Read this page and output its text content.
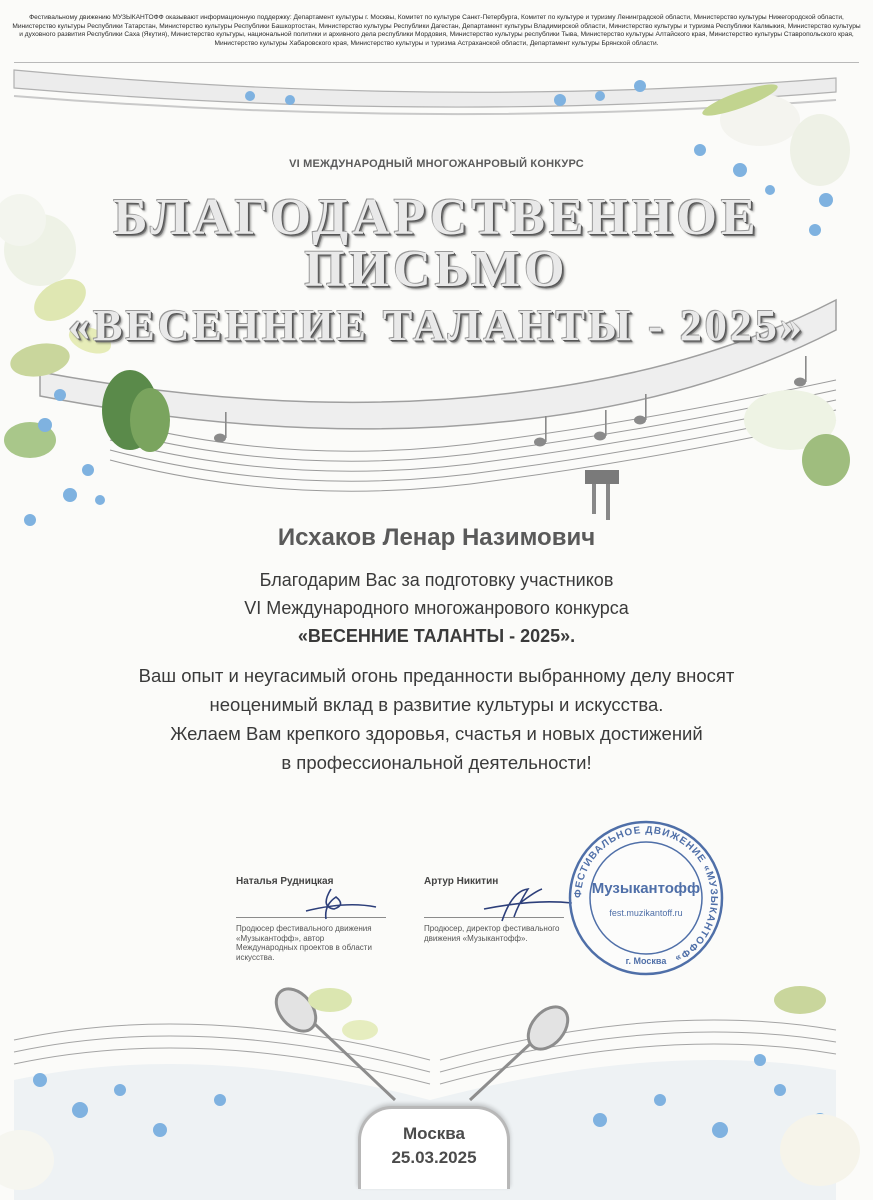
Фестивальному движению МУЗЫКАНТОФФ оказывают информационную поддержку: Департамент культуры г. Москвы, Комитет по культуре Санкт-Петербурга, Комитет по культуре и туризму Ленинградской области, Министерство культуры Нижегородской области, Министерство культуры Республики Татарстан, Министерство культуры Республики Башкортостан, Министерство культуры Республики Дагестан, Департамент культуры Владимирской области, Министерство культуры и туризма Республики Калмыкия, Министерство культуры и духовного развития Республики Саха (Якутия), Министерство культуры, национальной политики и архивного дела республики Мордовия, Министерство культуры республики Тыва, Министерство культуры Алтайского края, Министерство культуры Ставропольского края, Министерство культуры Хабаровского края, Министерство культуры и туризма Астраханской области, Департамент культуры Брянской области.
VI МЕЖДУНАРОДНЫЙ МНОГОЖАНРОВЫЙ КОНКУРС
БЛАГОДАРСТВЕННОЕ
ПИСЬМО
«ВЕСЕННИЕ ТАЛАНТЫ - 2025»
Исхаков Ленар Назимович
Благодарим Вас за подготовку участников
VI Международного многожанрового конкурса
«ВЕСЕННИЕ ТАЛАНТЫ - 2025».
Ваш опыт и неугасимый огонь преданности выбранному делу вносят
неоценимый вклад в развитие культуры и искусства.
Желаем Вам крепкого здоровья, счастья и новых достижений
в профессиональной деятельности!
Наталья Рудницкая
Продюсер фестивального движения «Музыкантофф», автор Международных проектов в области искусства.
Артур Никитин
Продюсер, директор фестивального движения «Музыкантофф».
ФЕСТИВАЛЬНОЕ ДВИЖЕНИЕ «МУЗЫКАНТОФФ»
Музыкантофф
fest.muzikantoff.ru
г. Москва
Москва
25.03.2025
